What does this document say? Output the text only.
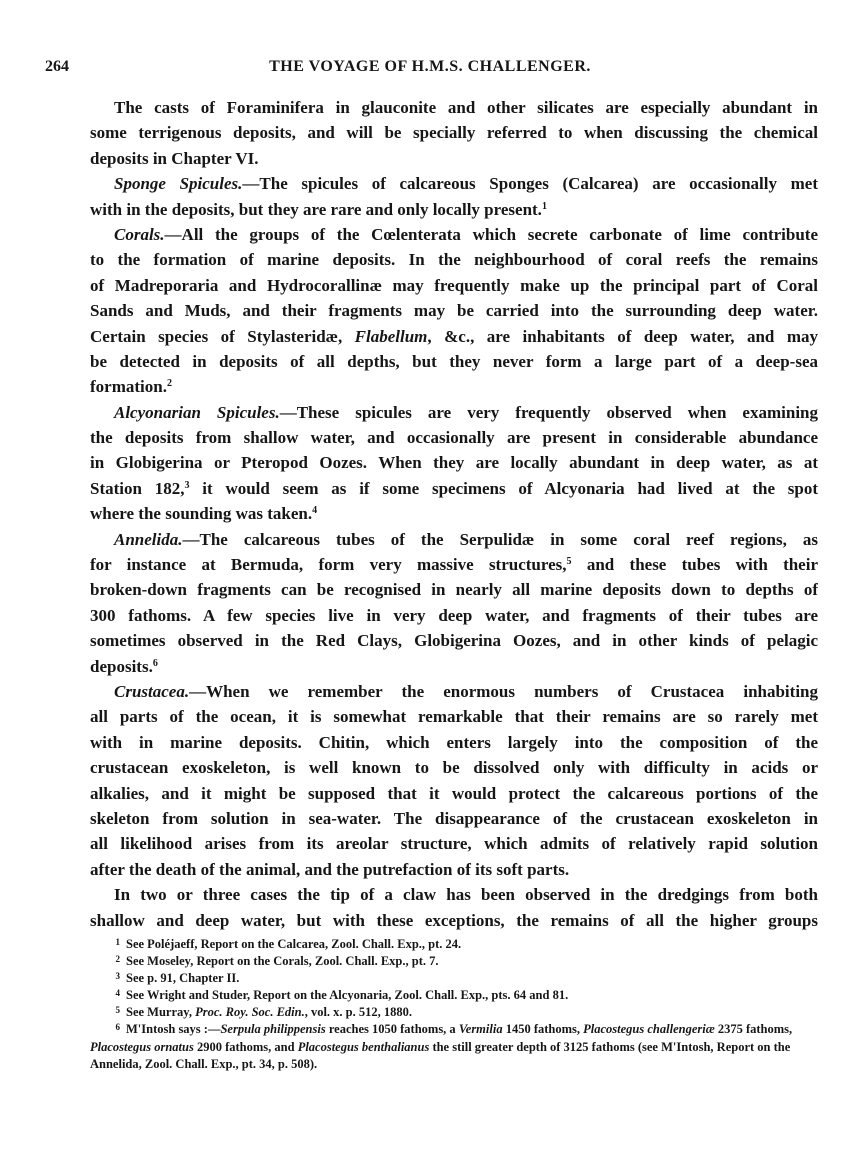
264	THE VOYAGE OF H.M.S. CHALLENGER.
The casts of Foraminifera in glauconite and other silicates are especially abundant in
some terrigenous deposits, and will be specially referred to when discussing the chemical
deposits in Chapter VI.
Sponge Spicules.—The spicules of calcareous Sponges (Calcarea) are occasionally met
with in the deposits, but they are rare and only locally present.$^1$
Corals.—All the groups of the Cœlenterata which secrete carbonate of lime contribute
to the formation of marine deposits. In the neighbourhood of coral reefs the remains
of Madreporaria and Hydrocorallinæ may frequently make up the principal part of Coral
Sands and Muds, and their fragments may be carried into the surrounding deep water.
Certain species of Stylasteridæ, Flabellum, &c., are inhabitants of deep water, and may
be detected in deposits of all depths, but they never form a large part of a deep-sea
formation.$^2$
Alcyonarian Spicules.—These spicules are very frequently observed when examining
the deposits from shallow water, and occasionally are present in considerable abundance
in Globigerina or Pteropod Oozes. When they are locally abundant in deep water, as at
Station 182,$^3$ it would seem as if some specimens of Alcyonaria had lived at the spot
where the sounding was taken.$^4$
Annelida.—The calcareous tubes of the Serpulidæ in some coral reef regions, as
for instance at Bermuda, form very massive structures,$^5$ and these tubes with their
broken-down fragments can be recognised in nearly all marine deposits down to depths of
300 fathoms. A few species live in very deep water, and fragments of their tubes are
sometimes observed in the Red Clays, Globigerina Oozes, and in other kinds of pelagic
deposits.$^6$
Crustacea.—When we remember the enormous numbers of Crustacea inhabiting
all parts of the ocean, it is somewhat remarkable that their remains are so rarely met
with in marine deposits. Chitin, which enters largely into the composition of the
crustacean exoskeleton, is well known to be dissolved only with difficulty in acids or
alkalies, and it might be supposed that it would protect the calcareous portions of the
skeleton from solution in sea-water. The disappearance of the crustacean exoskeleton in
all likelihood arises from its areolar structure, which admits of relatively rapid solution
after the death of the animal, and the putrefaction of its soft parts.
In two or three cases the tip of a claw has been observed in the dredgings from both
shallow and deep water, but with these exceptions, the remains of all the higher groups
1 See Poléjaeff, Report on the Calcarea, Zool. Chall. Exp., pt. 24.
2 See Moseley, Report on the Corals, Zool. Chall. Exp., pt. 7.
3 See p. 91, Chapter II.
4 See Wright and Studer, Report on the Alcyonaria, Zool. Chall. Exp., pts. 64 and 81.
5 See Murray, Proc. Roy. Soc. Edin., vol. x. p. 512, 1880.
6 M'Intosh says :—Serpula philippensis reaches 1050 fathoms, a Vermilia 1450 fathoms, Placostegus challengeriæ 2375 fathoms, Placostegus ornatus 2900 fathoms, and Placostegus benthalianus the still greater depth of 3125 fathoms (see M'Intosh, Report on the Annelida, Zool. Chall. Exp., pt. 34, p. 508).
